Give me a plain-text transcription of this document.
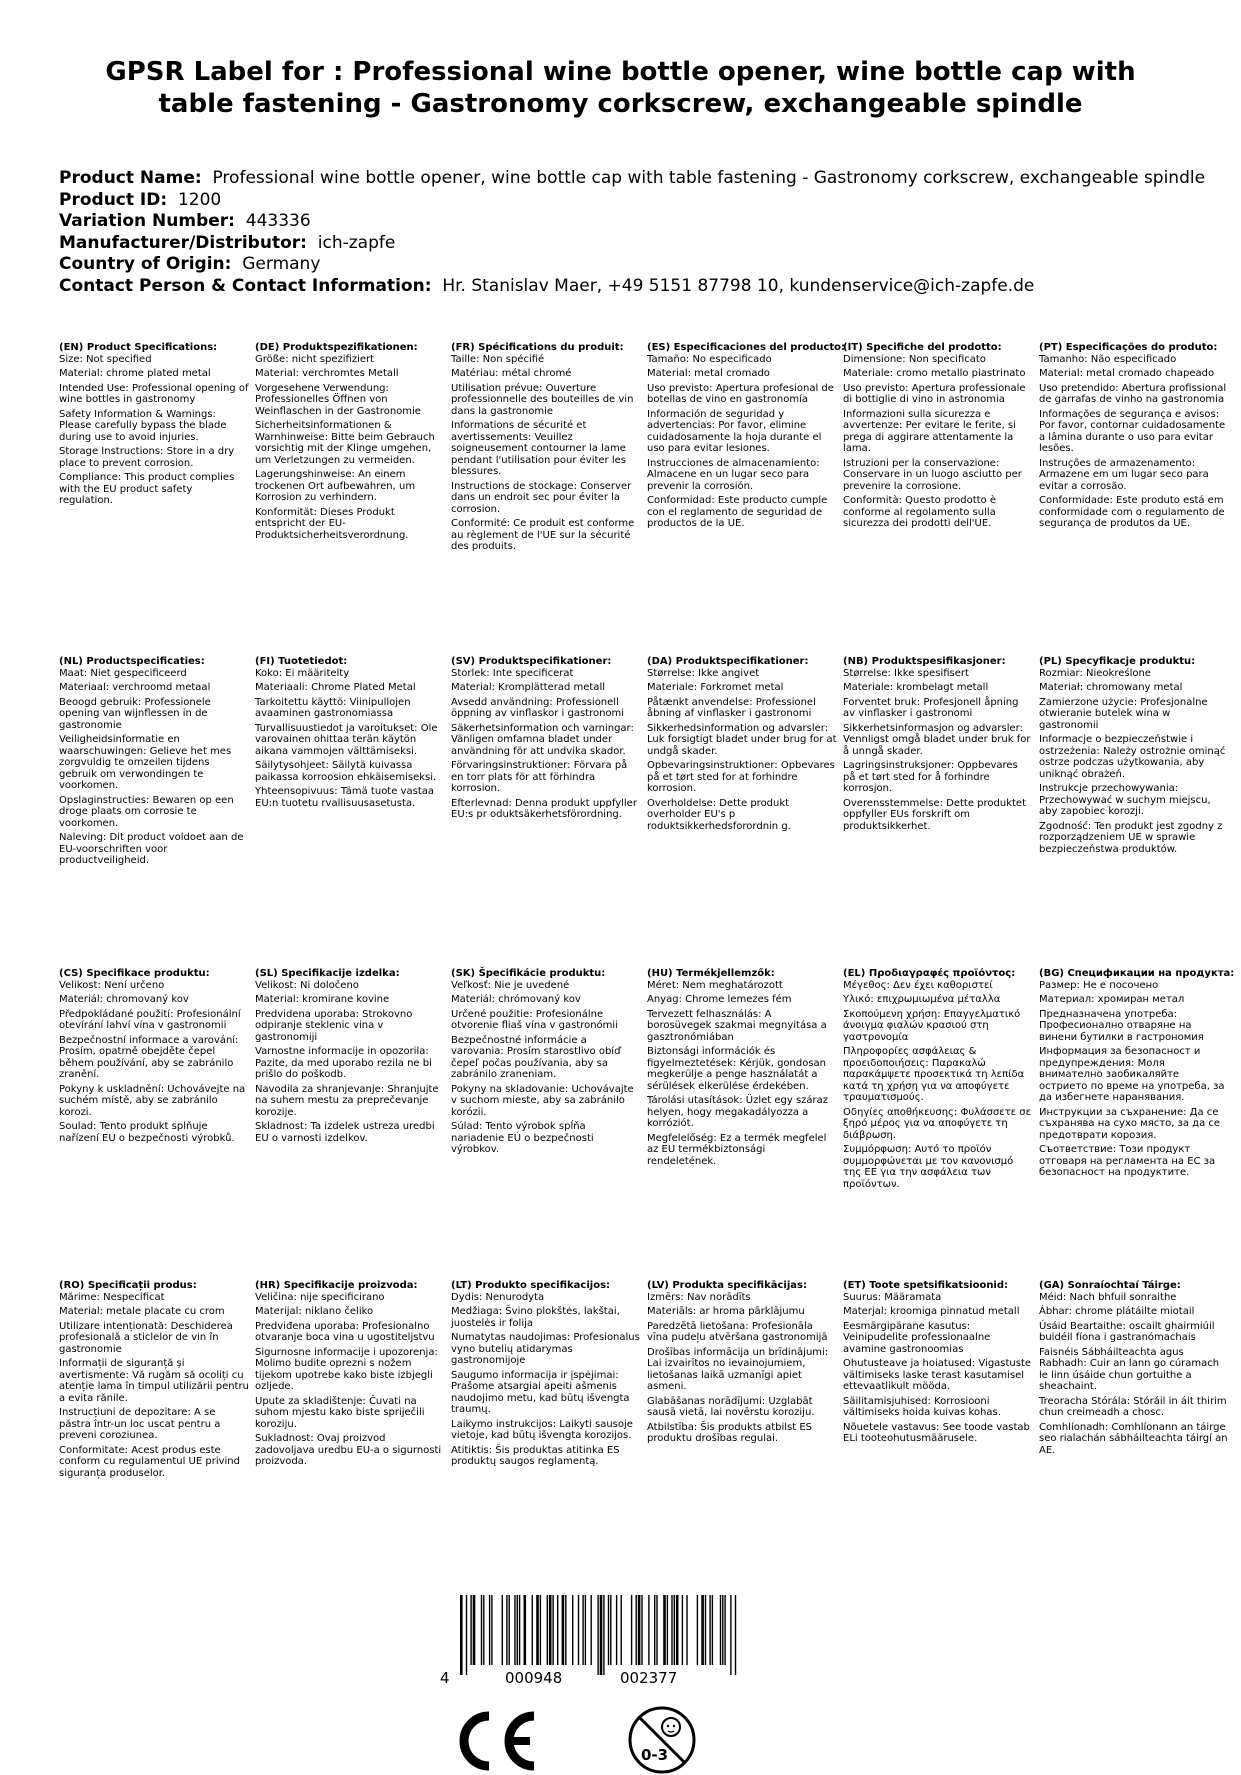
GPSR Label for : Professional wine bottle opener, wine bottle cap with table fastening - Gastronomy corkscrew, exchangeable spindle
Product Name: Professional wine bottle opener, wine bottle cap with table fastening - Gastronomy corkscrew, exchangeable spindle
Product ID: 1200
Variation Number: 443336
Manufacturer/Distributor: ich-zapfe
Country of Origin: Germany
Contact Person & Contact Information: Hr. Stanislav Maer, +49 5151 87798 10, kundenservice@ich-zapfe.de
(EN) Product Specifications:

Size: Not specified

Material: chrome plated metal

Intended Use: Professional opening of wine bottles in gastronomy

Safety Information & Warnings: Please carefully bypass the blade during use to avoid injuries.

Storage Instructions: Store in a dry place to prevent corrosion.

Compliance: This product complies with the EU product safety regulation.

(DE) Produktspezifikationen:

Größe: nicht spezifiziert

Material: verchromtes Metall

Vorgesehene Verwendung: Professionelles Öffnen von Weinflaschen in der Gastronomie

Sicherheitsinformationen & Warnhinweise: Bitte beim Gebrauch vorsichtig mit der Klinge umgehen, um Verletzungen zu vermeiden.

Lagerungshinweise: An einem trockenen Ort aufbewahren, um Korrosion zu verhindern.

Konformität: Dieses Produkt entspricht der EU-Produktsicherheitsverordnung.

(FR) Spécifications du produit:

Taille: Non spécifié

Matériau: métal chromé

Utilisation prévue: Ouverture professionnelle des bouteilles de vin dans la gastronomie

Informations de sécurité et avertissements: Veuillez soigneusement contourner la lame pendant l'utilisation pour éviter les blessures.

Instructions de stockage: Conserver dans un endroit sec pour éviter la corrosion.

Conformité: Ce produit est conforme au règlement de l'UE sur la sécurité des produits.

(ES) Especificaciones del producto:

Tamaño: No especificado

Material: metal cromado

Uso previsto: Apertura profesional de botellas de vino en gastronomía

Información de seguridad y advertencias: Por favor, elimine cuidadosamente la hoja durante el uso para evitar lesiones.

Instrucciones de almacenamiento: Almacene en un lugar seco para prevenir la corrosión.

Conformidad: Este producto cumple con el reglamento de seguridad de productos de la UE.

(IT) Specifiche del prodotto:

Dimensione: Non specificato

Materiale: cromo metallo piastrinato

Uso previsto: Apertura professionale di bottiglie di vino in astronomia

Informazioni sulla sicurezza e avvertenze: Per evitare le ferite, si prega di aggirare attentamente la lama.

Istruzioni per la conservazione: Conservare in un luogo asciutto per prevenire la corrosione.

Conformità: Questo prodotto è conforme al regolamento sulla sicurezza dei prodotti dell'UE.

(PT) Especificações do produto:

Tamanho: Não especificado

Material: metal cromado chapeado

Uso pretendido: Abertura profissional de garrafas de vinho na gastronomia

Informações de segurança e avisos: Por favor, contornar cuidadosamente a lâmina durante o uso para evitar lesões.

Instruções de armazenamento: Armazene em um lugar seco para evitar a corrosão.

Conformidade: Este produto está em conformidade com o regulamento de segurança de produtos da UE.

(NL) Productspecificaties:

Maat: Niet gespecificeerd

Materiaal: verchroomd metaal

Beoogd gebruik: Professionele opening van wijnflessen in de gastronomie

Veiligheidsinformatie en waarschuwingen: Gelieve het mes zorgvuldig te omzeilen tijdens gebruik om verwondingen te voorkomen.

Opslaginstructies: Bewaren op een droge plaats om corrosie te voorkomen.

Naleving: Dit product voldoet aan de EU-voorschriften voor productveiligheid.

(FI) Tuotetiedot:

Koko: Ei määritelty

Materiaali: Chrome Plated Metal

Tarkoitettu käyttö: Viinipullojen avaaminen gastronomiassa

Turvallisuustiedot ja varoitukset: Ole varovainen ohittaa terän käytön aikana vammojen välttämiseksi.

Säilytysohjeet: Säilytä kuivassa paikassa korroosion ehkäisemiseksi.

Yhteensopivuus: Tämä tuote vastaa EU:n tuotetu rvallisuusasetusta.

(SV) Produktspecifikationer:

Storlek: Inte specificerat

Material: Kromplätterad metall

Avsedd användning: Professionell öppning av vinflaskor i gastronomi

Säkerhetsinformation och varningar: Vänligen omfamna bladet under användning för att undvika skador.

Förvaringsinstruktioner: Förvara på en torr plats för att förhindra korrosion.

Efterlevnad: Denna produkt uppfyller EU:s pr oduktsäkerhetsförordning.

(DA) Produktspecifikationer:

Størrelse: Ikke angivet

Materiale: Forkromet metal

Påtænkt anvendelse: Professionel åbning af vinflasker i gastronomi

Sikkerhedsinformation og advarsler: Luk forsigtigt bladet under brug for at undgå skader.

Opbevaringsinstruktioner: Opbevares på et tørt sted for at forhindre korrosion.

Overholdelse: Dette produkt overholder EU's p roduktsikkerhedsforordnin g.

(NB) Produktspesifikasjoner:

Størrelse: Ikke spesifisert

Materiale: krombelagt metall

Forventet bruk: Profesjonell åpning av vinflasker i gastronomi

Sikkerhetsinformasjon og advarsler: Vennligst omgå bladet under bruk for å unngå skader.

Lagringsinstruksjoner: Oppbevares på et tørt sted for å forhindre korrosjon.

Overensstemmelse: Dette produktet oppfyller EUs forskrift om produktsikkerhet.

(PL) Specyfikacje produktu:

Rozmiar: Nieokreślone

Materiał: chromowany metal

Zamierzone użycie: Profesjonalne otwieranie butelek wina w gastronomii

Informacje o bezpieczeństwie i ostrzeżenia: Należy ostrożnie ominąć ostrze podczas użytkowania, aby uniknąć obrażeń.

Instrukcje przechowywania: Przechowywać w suchym miejscu, aby zapobiec korozji.

Zgodność: Ten produkt jest zgodny z rozporządzeniem UE w sprawie bezpieczeństwa produktów.

(CS) Specifikace produktu:

Velikost: Není určeno

Materiál: chromovaný kov

Předpokládané použití: Profesionální otevírání lahví vína v gastronomii

Bezpečnostní informace a varování: Prosím, opatrně obejděte čepel během používání, aby se zabránilo zranění.

Pokyny k uskladnění: Uchovávejte na suchém místě, aby se zabránilo korozi.

Soulad: Tento produkt splňuje nařízení EU o bezpečnosti výrobků.

(SL) Specifikacije izdelka:

Velikost: Ni določeno

Material: kromirane kovine

Predvidena uporaba: Strokovno odpiranje steklenic vina v gastronomiji

Varnostne informacije in opozorila: Pazite, da med uporabo rezila ne bi prišlo do poškodb.

Navodila za shranjevanje: Shranjujte na suhem mestu za preprečevanje korozije.

Skladnost: Ta izdelek ustreza uredbi EU o varnosti izdelkov.

(SK) Špecifikácie produktu:

Veľkosť: Nie je uvedené

Materiál: chrómovaný kov

Určené použitie: Profesionálne otvorenie fliaš vína v gastronómii

Bezpečnostné informácie a varovania: Prosím starostlivo obíď čepeľ počas používania, aby sa zabránilo zraneniam.

Pokyny na skladovanie: Uchovávajte v suchom mieste, aby sa zabránilo korózii.

Súlad: Tento výrobok spĺňa nariadenie EÚ o bezpečnosti výrobkov.

(HU) Termékjellemzők:

Méret: Nem meghatározott

Anyag: Chrome lemezes fém

Tervezett felhasználás: A borosüvegek szakmai megnyitása a gasztronómiában

Biztonsági információk és figyelmeztetések: Kérjük, gondosan megkerülje a penge használatát a sérülések elkerülése érdekében.

Tárolási utasítások: Üzlet egy száraz helyen, hogy megakadályozza a korróziót.

Megfelelőség: Ez a termék megfelel az EU termékbiztonsági rendeletének.

(EL) Προδιαγραφές προϊόντος:

Μέγεθος: Δεν έχει καθοριστεί

Υλικό: επιχρωμιωμένα μέταλλα

Σκοπούμενη χρήση: Επαγγελματικό άνοιγμα φιαλών κρασιού στη γαστρονομία

Πληροφορίες ασφάλειας & προειδοποιήσεις: Παρακαλώ παρακάμψετε προσεκτικά τη λεπίδα κατά τη χρήση για να αποφύγετε τραυματισμούς.

Οδηγίες αποθήκευσης: Φυλάσσετε σε ξηρό μέρος για να αποφύγετε τη διάβρωση.

Συμμόρφωση: Αυτό το προϊόν συμμορφώνεται με τον κανονισμό της ΕΕ για την ασφάλεια των προϊόντων.

(BG) Спецификации на продукта:

Размер: Не е посочено

Материал: хромиран метал

Предназначена употреба: Професионално отваряне на винени бутилки в гастрономия

Информация за безопасност и предупреждения: Моля внимателно заобикаляйте острието по време на употреба, за да избегнете наранявания.

Инструкции за съхранение: Да се съхранява на сухо място, за да се предотврати корозия.

Съответствие: Този продукт отговаря на регламента на ЕС за безопасност на продуктите.

(RO) Specificații produs:

Mărime: Nespecificat

Material: metale placate cu crom

Utilizare intenționată: Deschiderea profesională a sticlelor de vin în gastronomie

Informații de siguranță și avertismente: Vă rugăm să ocoliți cu atenție lama în timpul utilizării pentru a evita rănile.

Instrucțiuni de depozitare: A se păstra într-un loc uscat pentru a preveni coroziunea.

Conformitate: Acest produs este conform cu regulamentul UE privind siguranța produselor.

(HR) Specifikacije proizvoda:

Veličina: nije specificirano

Materijal: niklano čeliko

Predviđena uporaba: Profesionalno otvaranje boca vina u ugostiteljstvu

Sigurnosne informacije i upozorenja: Molimo budite oprezni s nožem tijekom upotrebe kako biste izbjegli ozljede.

Upute za skladištenje: Čuvati na suhom mjestu kako biste spriječili koroziju.

Sukladnost: Ovaj proizvod zadovoljava uredbu EU-a o sigurnosti proizvoda.

(LT) Produkto specifikacijos:

Dydis: Nenurodyta

Medžiaga: Švino plokštės, lakštai, juostelės ir folija

Numatytas naudojimas: Profesionalus vyno butelių atidarymas gastronomijoje

Saugumo informacija ir įspėjimai: Prašome atsargiai apeiti ašmenis naudojimo metu, kad būtų išvengta traumų.

Laikymo instrukcijos: Laikyti sausoje vietoje, kad būtų išvengta korozijos.

Atitiktis: Šis produktas atitinka ES produktų saugos reglamentą.

(LV) Produkta specifikācijas:

Izmērs: Nav norādīts

Materiāls: ar hroma pārklājumu

Paredzētā lietošana: Profesionāla vīna pudeļu atvēršana gastronomijā

Drošības informācija un brīdinājumi: Lai izvairītos no ievainojumiem, lietošanas laikā uzmanīgi apiet asmeni.

Glabāšanas norādījumi: Uzglabāt sausā vietā, lai novērstu koroziju.

Atbilstība: Šis produkts atbilst ES produktu drošības regulai.

(ET) Toote spetsifikatsioonid:

Suurus: Määramata

Materjal: kroomiga pinnatud metall

Eesmärgipärane kasutus: Veinipudelite professionaalne avamine gastronoomias

Ohutusteave ja hoiatused: Vigastuste vältimiseks laske terast kasutamisel ettevaatlikult mööda.

Säilitamisjuhised: Korrosiooni vältimiseks hoida kuivas kohas.

Nõuetele vastavus: See toode vastab ELi tooteohutusmäärusele.

(GA) Sonraíochtaí Táirge:

Méid: Nach bhfuil sonraithe

Ábhar: chrome plátáilte miotail

Úsáid Beartaithe: oscailt ghairmiúil buidéil fíona i gastranómachais

Faisnéis Sábháilteachta agus Rabhadh: Cuir an lann go cúramach le linn úsáide chun gortuithe a sheachaint.

Treoracha Stórála: Stóráil in áit thirim chun creimeadh a chosc.

Comhlíonadh: Comhlíonann an táirge seo rialachán sábháilteachta táirgí an AE.

4	000948	002377
0-3
